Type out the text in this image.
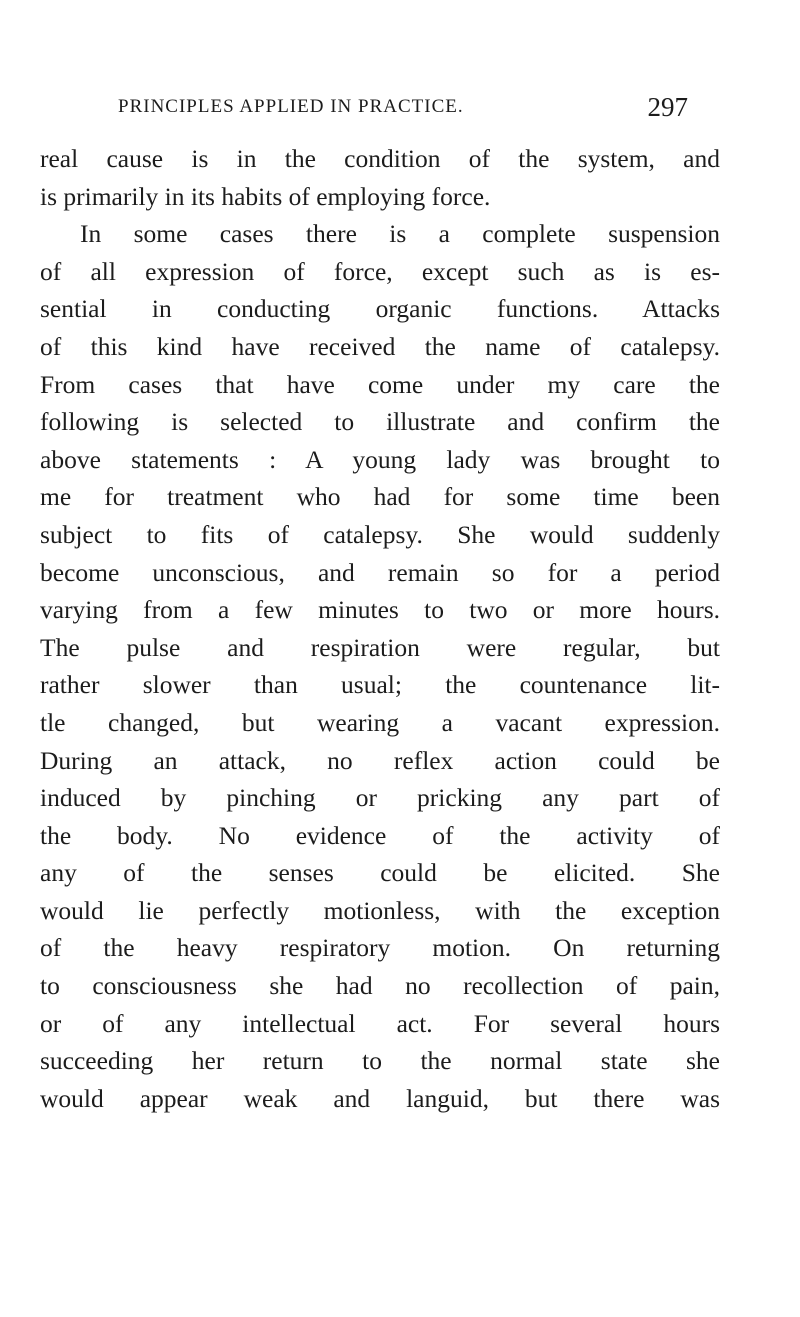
PRINCIPLES APPLIED IN PRACTICE.	297
real cause is in the condition of the system, and
is primarily in its habits of employing force.
In some cases there is a complete suspension
of all expression of force, except such as is es-
sential in conducting organic functions. Attacks
of this kind have received the name of catalepsy.
From cases that have come under my care the
following is selected to illustrate and confirm the
above statements : A young lady was brought to
me for treatment who had for some time been
subject to fits of catalepsy. She would suddenly
become unconscious, and remain so for a period
varying from a few minutes to two or more hours.
The pulse and respiration were regular, but
rather slower than usual; the countenance lit-
tle changed, but wearing a vacant expression.
During an attack, no reflex action could be
induced by pinching or pricking any part of
the body. No evidence of the activity of
any of the senses could be elicited. She
would lie perfectly motionless, with the exception
of the heavy respiratory motion. On returning
to consciousness she had no recollection of pain,
or of any intellectual act. For several hours
succeeding her return to the normal state she
would appear weak and languid, but there was
